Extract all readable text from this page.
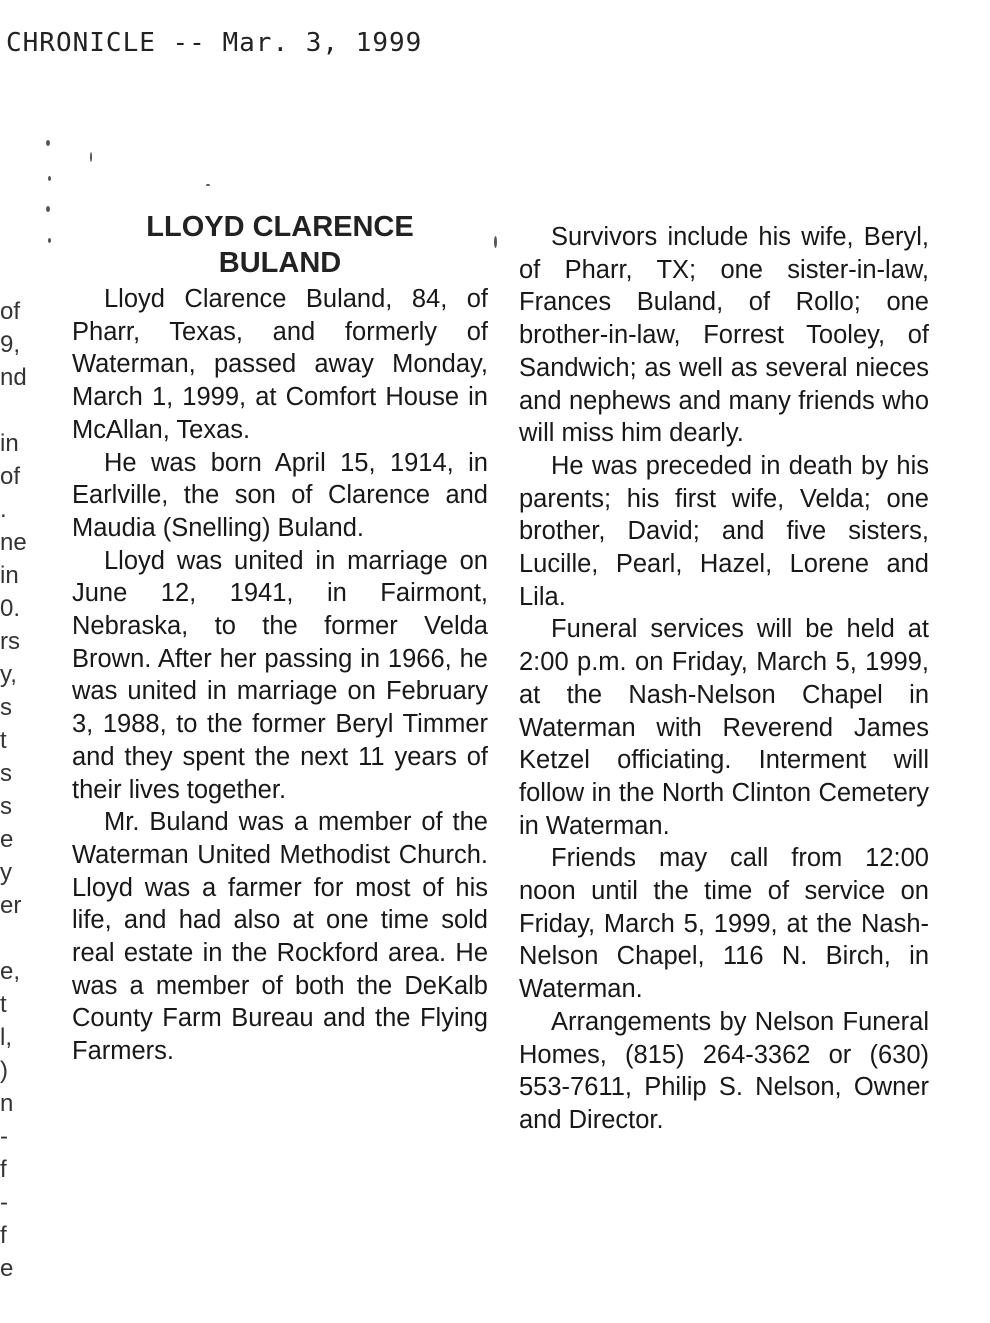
CHRONICLE -- Mar. 3, 1999
of
9,
nd
in
of
.
ne
in
0.
rs
y,
s
t
s
s
e
y
er
e,
t
l,
)
n
-
f
-
f
e
LLOYD CLARENCE
BULAND

Lloyd Clarence Buland, 84, of Pharr, Texas, and formerly of Waterman, passed away Monday, March 1, 1999, at Comfort House in McAllan, Texas.

He was born April 15, 1914, in Earlville, the son of Clarence and Maudia (Snelling) Buland.

Lloyd was united in marriage on June 12, 1941, in Fairmont, Nebraska, to the former Velda Brown. After her passing in 1966, he was united in marriage on February 3, 1988, to the former Beryl Timmer and they spent the next 11 years of their lives together.

Mr. Buland was a member of the Waterman United Methodist Church. Lloyd was a farmer for most of his life, and had also at one time sold real estate in the Rockford area. He was a member of both the DeKalb County Farm Bureau and the Flying Farmers.

Survivors include his wife, Beryl, of Pharr, TX; one sister-in-law, Frances Buland, of Rollo; one brother-in-law, Forrest Tooley, of Sandwich; as well as several nieces and nephews and many friends who will miss him dearly.

He was preceded in death by his parents; his first wife, Velda; one brother, David; and five sisters, Lucille, Pearl, Hazel, Lorene and Lila.

Funeral services will be held at 2:00 p.m. on Friday, March 5, 1999, at the Nash-Nelson Chapel in Waterman with Reverend James Ketzel officiating. Interment will follow in the North Clinton Cemetery in Waterman.

Friends may call from 12:00 noon until the time of service on Friday, March 5, 1999, at the Nash-Nelson Chapel, 116 N. Birch, in Waterman.

Arrangements by Nelson Funeral Homes, (815) 264-3362 or (630) 553-7611, Philip S. Nelson, Owner and Director.
